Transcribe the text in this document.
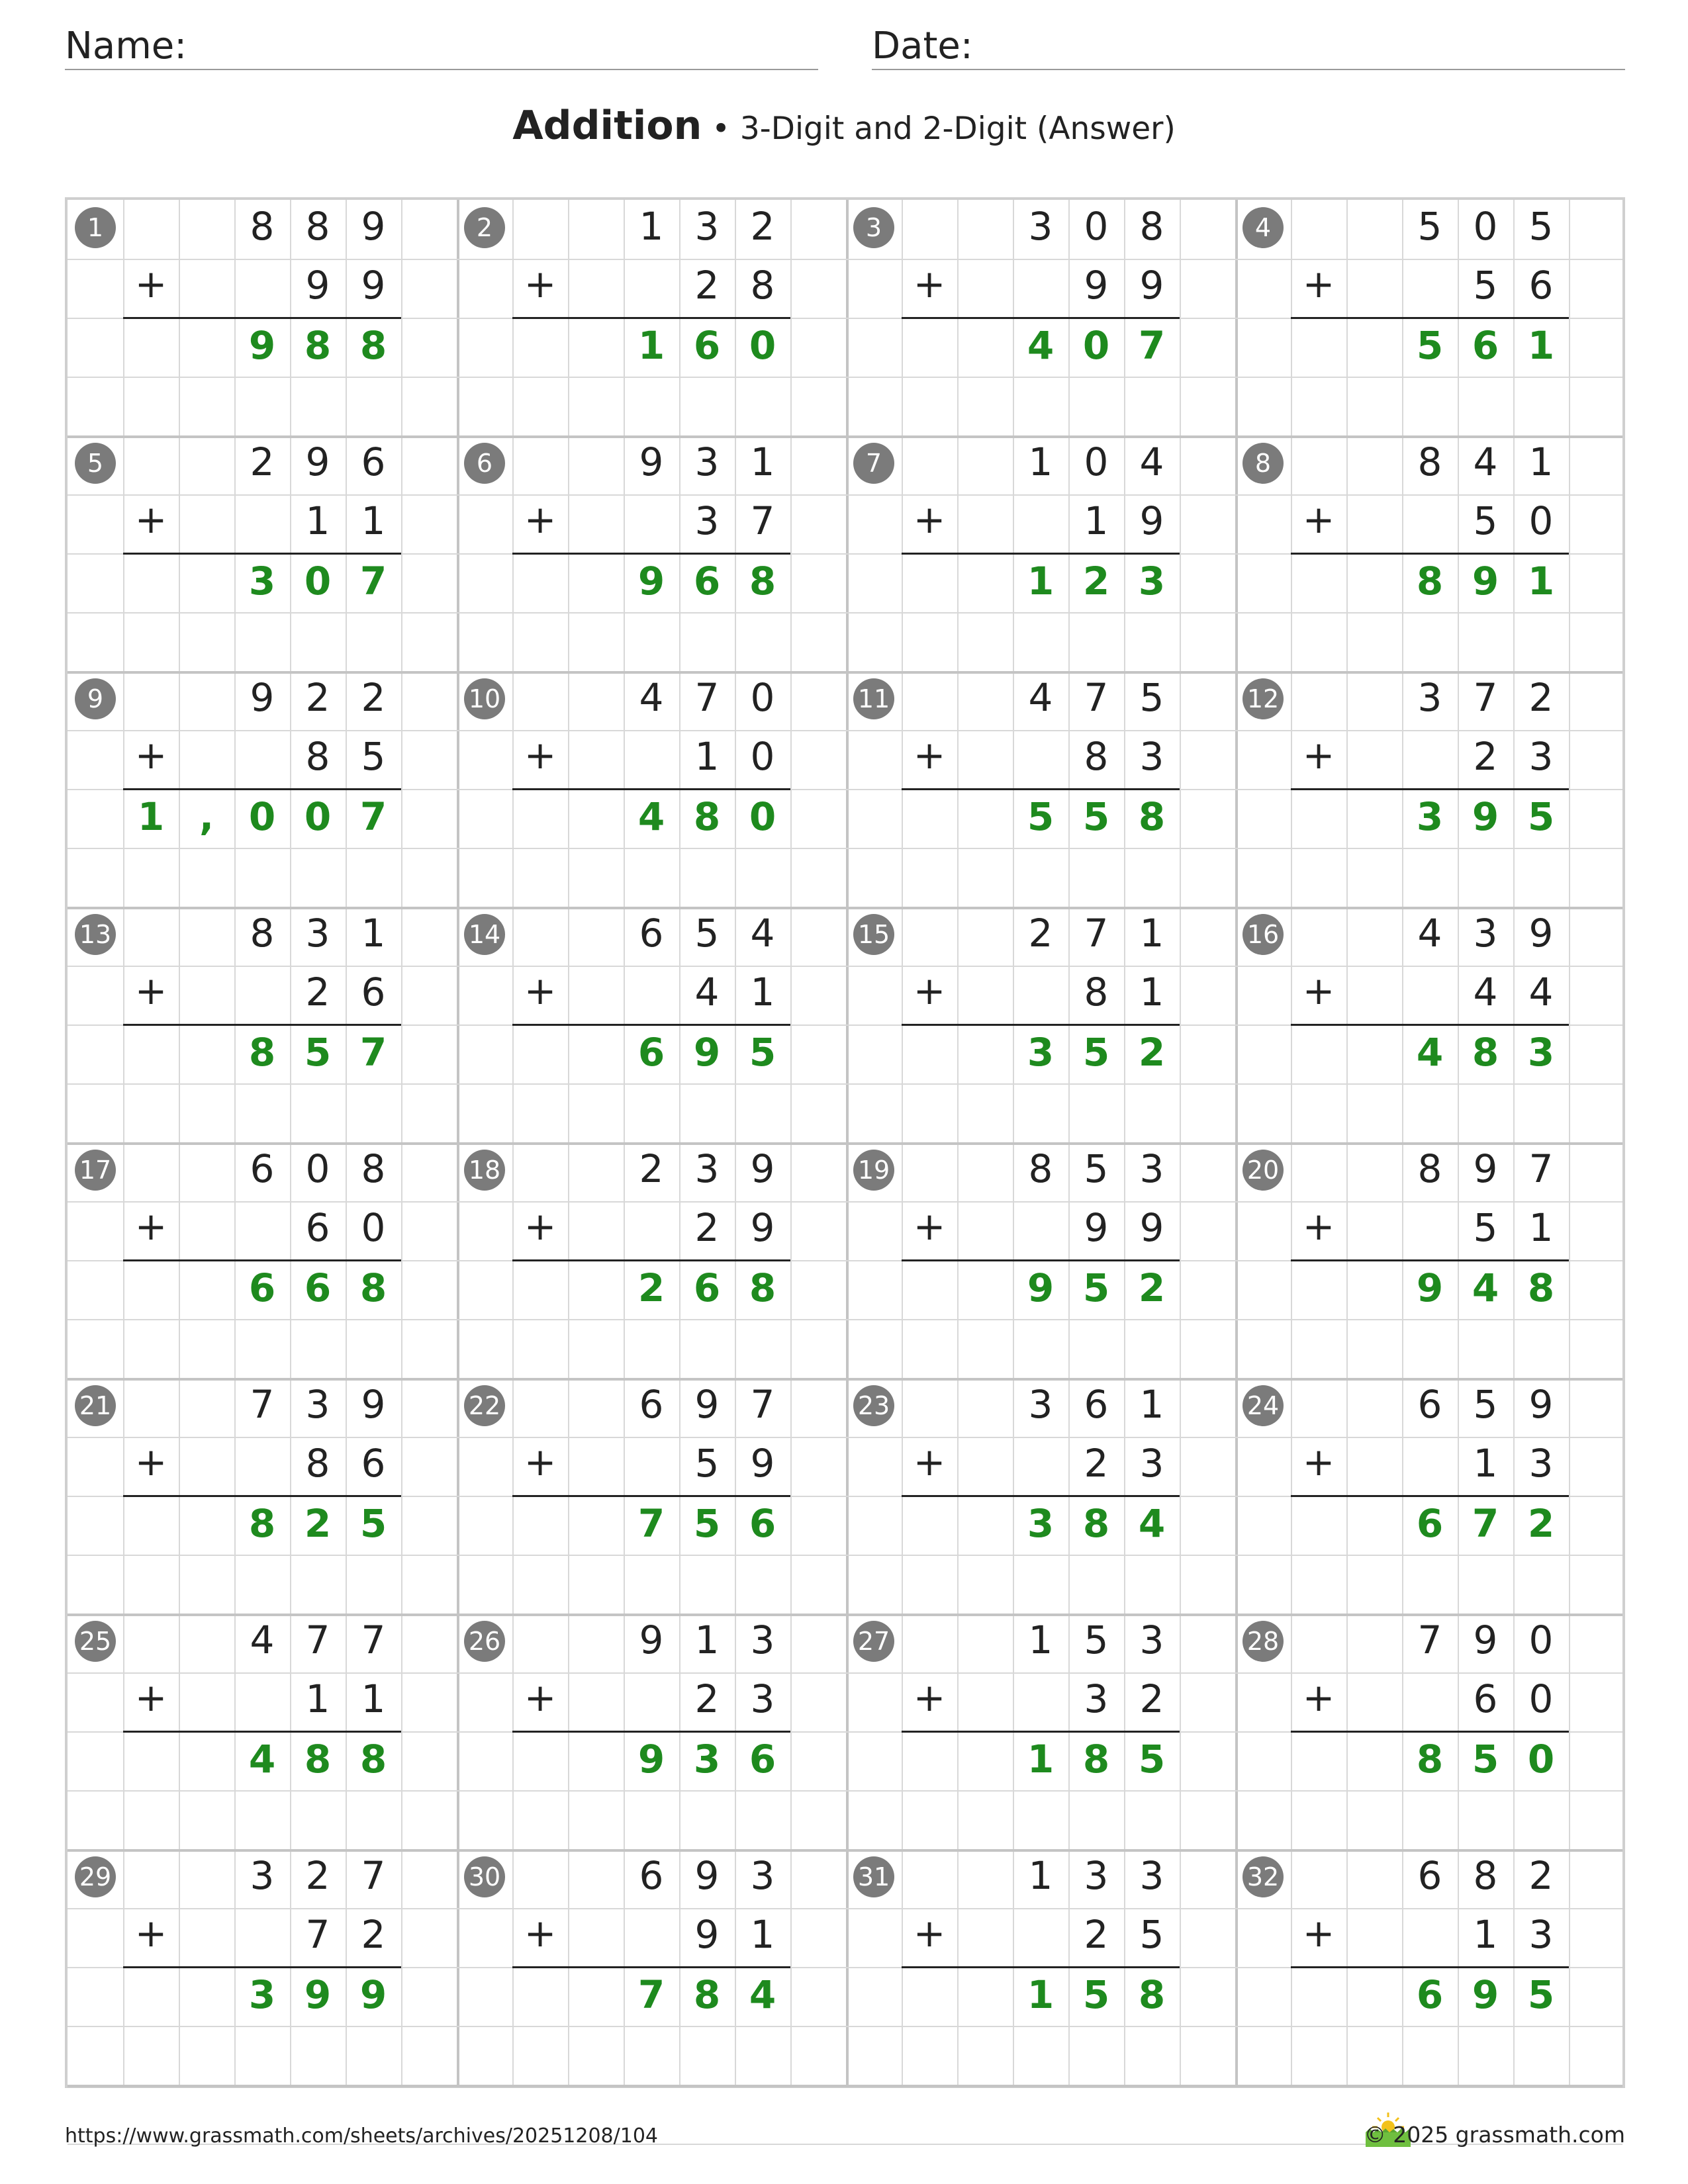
Name:	Date:
Addition • 3-Digit and 2-Digit (Answer)
1	8 8 9
+	9 9
9 8 8
2	1 3 2
+	2 8
1 6 0
3	3 0 8
+	9 9
4 0 7
4	5 0 5
+	5 6
5 6 1
5	2 9 6
+	1 1
3 0 7
6	9 3 1
+	3 7
9 6 8
7	1 0 4
+	1 9
1 2 3
8	8 4 1
+	5 0
8 9 1
9	9 2 2
+	8 5
1 , 0 0 7
10	4 7 0
+	1 0
4 8 0
11	4 7 5
+	8 3
5 5 8
12	3 7 2
+	2 3
3 9 5
13	8 3 1
+	2 6
8 5 7
14	6 5 4
+	4 1
6 9 5
15	2 7 1
+	8 1
3 5 2
16	4 3 9
+	4 4
4 8 3
17	6 0 8
+	6 0
6 6 8
18	2 3 9
+	2 9
2 6 8
19	8 5 3
+	9 9
9 5 2
20	8 9 7
+	5 1
9 4 8
21	7 3 9
+	8 6
8 2 5
22	6 9 7
+	5 9
7 5 6
23	3 6 1
+	2 3
3 8 4
24	6 5 9
+	1 3
6 7 2
25	4 7 7
+	1 1
4 8 8
26	9 1 3
+	2 3
9 3 6
27	1 5 3
+	3 2
1 8 5
28	7 9 0
+	6 0
8 5 0
29	3 2 7
+	7 2
3 9 9
30	6 9 3
+	9 1
7 8 4
31	1 3 3
+	2 5
1 5 8
32	6 8 2
+	1 3
6 9 5
https://www.grassmath.com/sheets/archives/20251208/104	© 2025 grassmath.com
